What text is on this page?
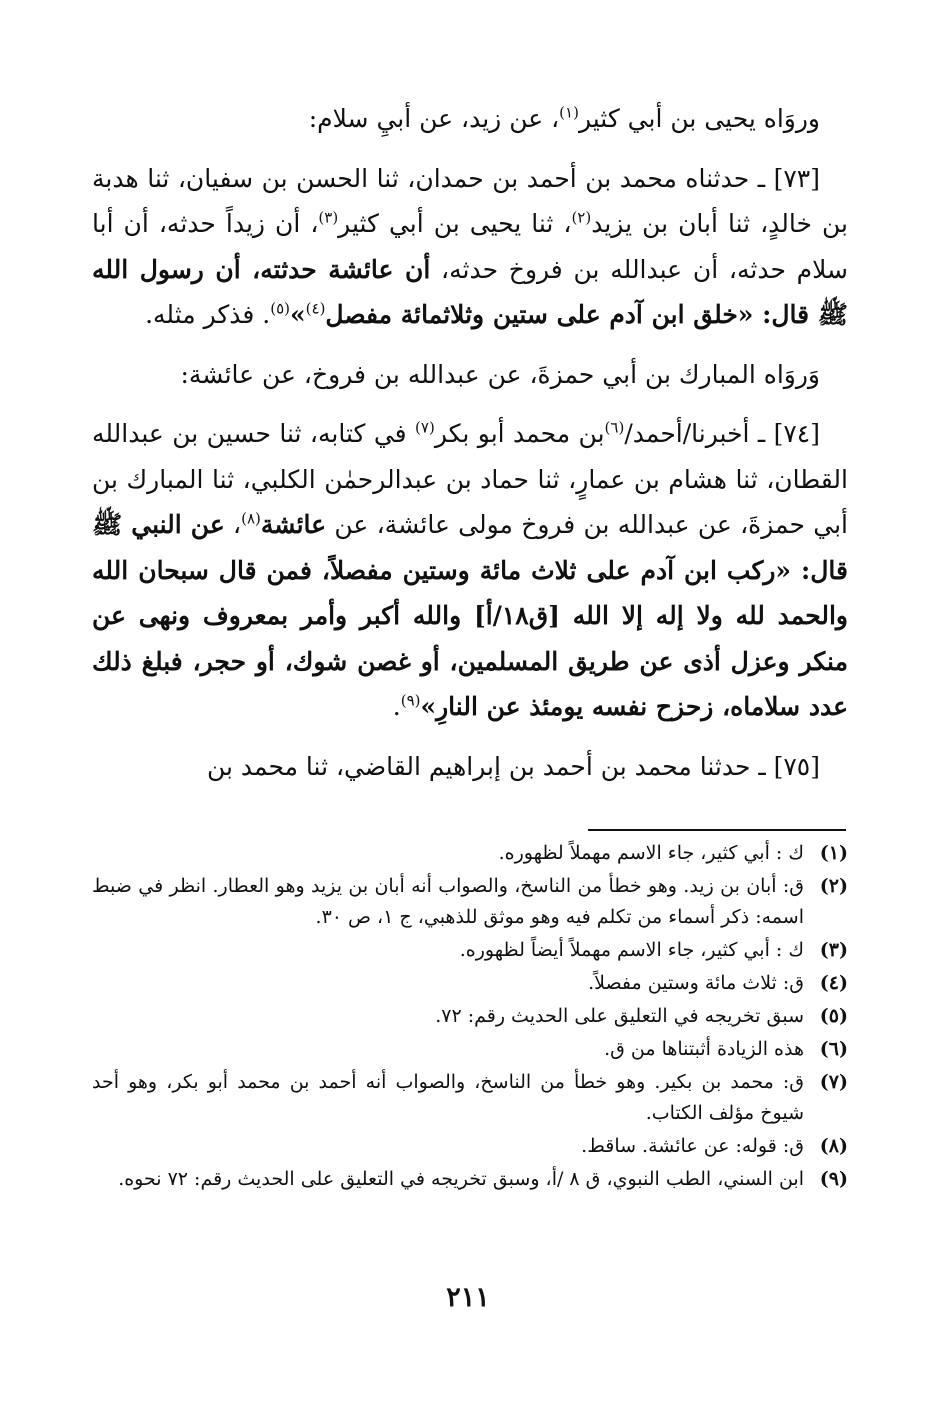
وروَاه يحيى بن أبي كثير$^{(١)}$، عن زيد، عن أبيِ سلام:

[٧٣] ـ حدثناه محمد بن أحمد بن حمدان، ثنا الحسن بن سفيان، ثنا هدبة بن خالدٍ، ثنا أبان بن يزيد$^{(٢)}$، ثنا يحيى بن أبي كثير$^{(٣)}$، أن زيداً حدثه، أن أبا سلام حدثه، أن عبدالله بن فروخ حدثه، أن عائشة حدثته، أن رسول الله ﷺ قال: «خلق ابن آدم على ستين وثلاثمائة مفصل$^{(٤)}$»$^{(٥)}$. فذكر مثله.

وَروَاه المبارك بن أبي حمزةَ، عن عبدالله بن فروخ، عن عائشة:

[٧٤] ـ أخبرنا/أحمد/$^{(٦)}$بن محمد أبو بكر$^{(٧)}$ في كتابه، ثنا حسين بن عبدالله القطان، ثنا هشام بن عمارٍ، ثنا حماد بن عبدالرحمٰن الكلبي، ثنا المبارك بن أبي حمزةَ، عن عبدالله بن فروخ مولى عائشة، عن عائشة$^{(٨)}$، عن النبي ﷺ قال: «ركب ابن آدم على ثلاث مائة وستين مفصلاً، فمن قال سبحان الله والحمد لله ولا إله إلا الله [ق١٨/أ] والله أكبر وأمر بمعروف ونهى عن منكر وعزل أذى عن طريق المسلمين، أو غصن شوك، أو حجر، فبلغ ذلك عدد سلاماه، زحزح نفسه يومئذ عن النارِ»$^{(٩)}$.

[٧٥] ـ حدثنا محمد بن أحمد بن إبراهيم القاضي، ثنا محمد بن

(١)
ك : أبي كثير، جاء الاسم مهملاً لظهوره.
(٢)
ق: أبان بن زيد. وهو خطأ من الناسخ، والصواب أنه أبان بن يزيد وهو العطار. انظر في ضبط اسمه: ذكر أسماء من تكلم فيه وهو موثق للذهبي، ج ١، ص ٣٠.
(٣)
ك : أبي كثير، جاء الاسم مهملاً أيضاً لظهوره.
(٤)
ق: ثلاث مائة وستين مفصلاً.
(٥)
سبق تخريجه في التعليق على الحديث رقم: ٧٢.
(٦)
هذه الزيادة أثبتناها من ق.
(٧)
ق: محمد بن بكير. وهو خطأ من الناسخ، والصواب أنه أحمد بن محمد أبو بكر، وهو أحد شيوخ مؤلف الكتاب.
(٨)
ق: قوله: عن عائشة. ساقط.
(٩)
ابن السني، الطب النبوي، ق ٨ /أ، وسبق تخريجه في التعليق على الحديث رقم: ٧٢ نحوه.
٢١١
